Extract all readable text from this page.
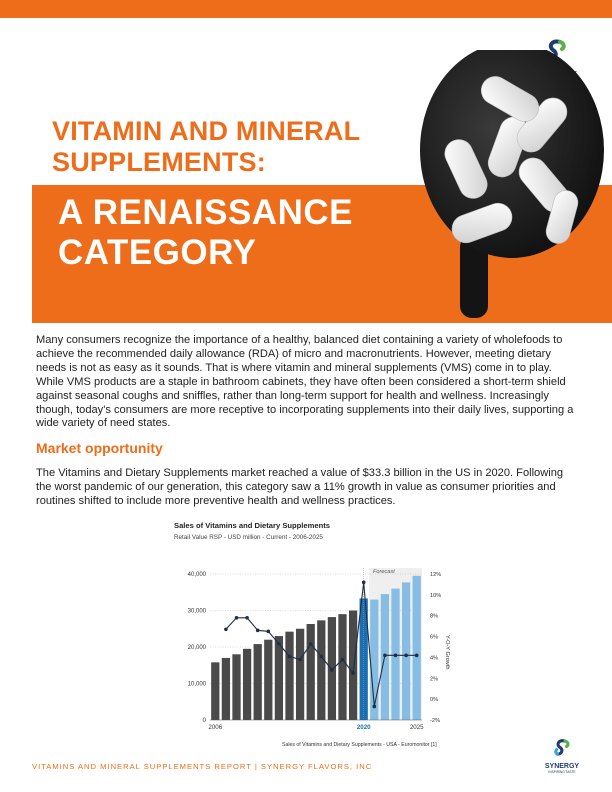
VITAMIN AND MINERAL SUPPLEMENTS:
A RENAISSANCE CATEGORY

Many consumers recognize the importance of a healthy, balanced diet containing a variety of wholefoods to achieve the recommended daily allowance (RDA) of micro and macronutrients. However, meeting dietary needs is not as easy as it sounds. That is where vitamin and mineral supplements (VMS) come in to play. While VMS products are a staple in bathroom cabinets, they have often been considered a short-term shield against seasonal coughs and sniffles, rather than long-term support for health and wellness. Increasingly though, today's consumers are more receptive to incorporating supplements into their daily lives, supporting a wide variety of need states.

Market opportunity

The Vitamins and Dietary Supplements market reached a value of $33.3 billion in the US in 2020. Following the worst pandemic of our generation, this category saw a 11% growth in value as consumer priorities and routines shifted to include more preventive health and wellness practices.

Sales of Vitamins and Dietary Supplements
Retail Value RSP - USD million - Current - 2006-2025
Forecast
0
10,000
20,000
30,000
40,000
-2%
0%
2%
4%
6%
8%
10%
12%
Y-O-Y Growth
2006	2020	2025
Sales of Vitamins and Dietary Supplements - USA - Euromonitor [1]
VITAMINS AND MINERAL SUPPLEMENTS REPORT | SYNERGY FLAVORS, INC	SYNERGY
INSPIRING TASTE
